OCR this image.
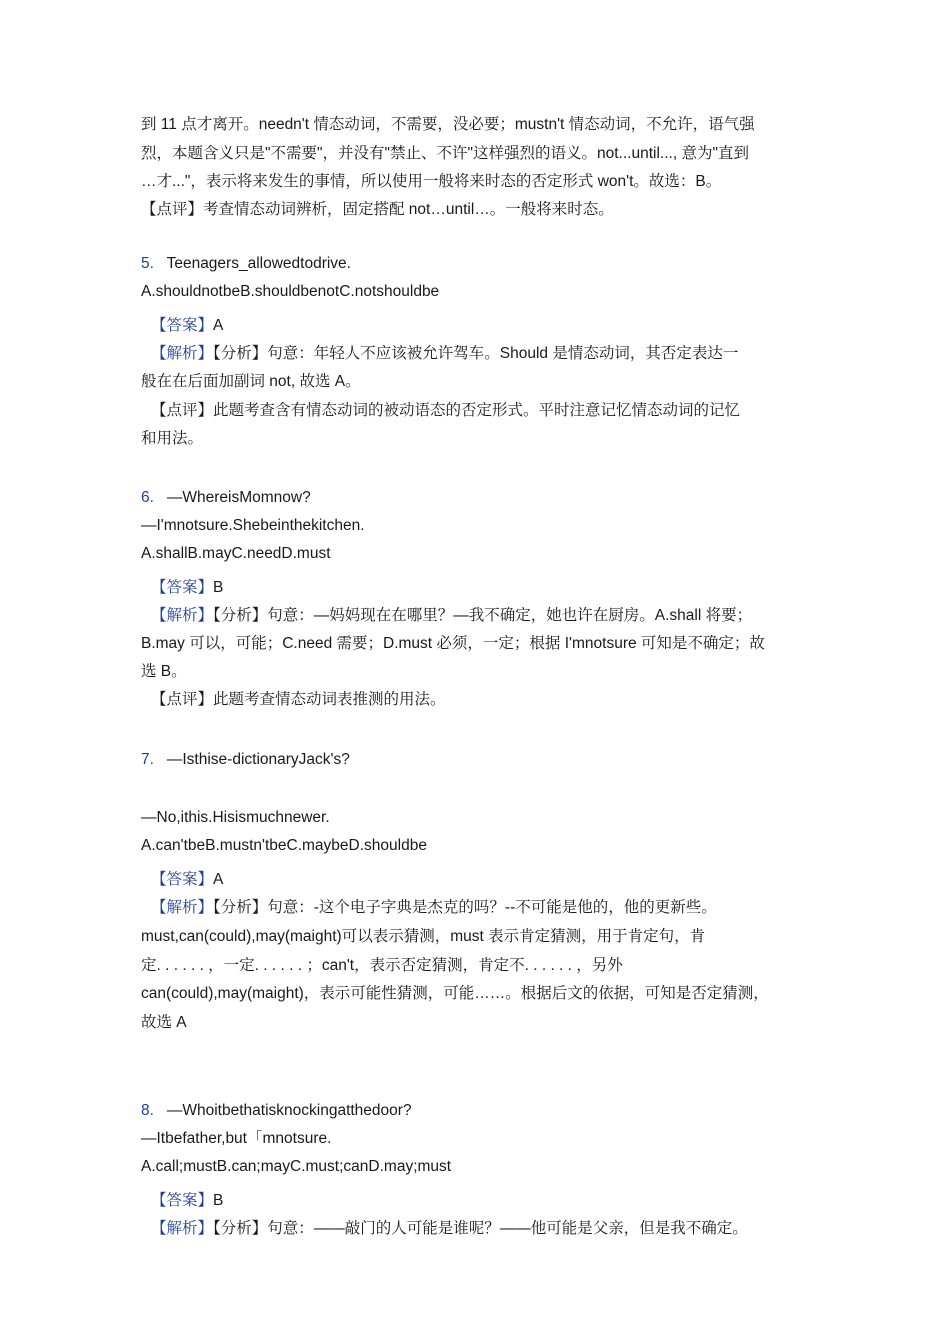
到 11 点才离开。needn't 情态动词，不需要，没必要；mustn't 情态动词，不允许，语气强
烈，本题含义只是"不需要"，并没有"禁止、不许"这样强烈的语义。not...until..., 意为"直到
…才..."，表示将来发生的事情，所以使用一般将来时态的否定形式 won't。故选：B。
【点评】考查情态动词辨析，固定搭配 not…until…。一般将来时态。
5. Teenagers_allowedtodrive.
A.shouldnotbeB.shouldbenotC.notshouldbe
【答案】A
【解析】【分析】句意：年轻人不应该被允许驾车。Should 是情态动词，其否定表达一
般在在后面加副词 not, 故选 A。
【点评】此题考查含有情态动词的被动语态的否定形式。平时注意记忆情态动词的记忆
和用法。
6. —WhereisMomnow?
—I'mnotsure.Shebeinthekitchen.
A.shallB.mayC.needD.must
【答案】B
【解析】【分析】句意：—妈妈现在在哪里？—我不确定，她也许在厨房。A.shall 将要；
B.may 可以，可能；C.need 需要；D.must 必须，一定；根据 I'mnotsure 可知是不确定；故
选 B。
【点评】此题考查情态动词表推测的用法。
7. —Isthise-dictionaryJack's?
—No,ithis.Hisismuchnewer.
A.can'tbeB.mustn'tbeC.maybeD.shouldbe
【答案】A
【解析】【分析】句意：-这个电子字典是杰克的吗？--不可能是他的，他的更新些。
must,can(could),may(maight)可以表示猜测，must 表示肯定猜测，用于肯定句，肯
定. . . . . . ，一定. . . . . . ；can't，表示否定猜测，肯定不. . . . . . ，另外
can(could),may(maight)，表示可能性猜测，可能……。根据后文的依据，可知是否定猜测，
故选 A
8. —Whoitbethatisknockingatthedoor?
—Itbefather,but「mnotsure.
A.call;mustB.can;mayC.must;canD.may;must
【答案】B
【解析】【分析】句意：——敲门的人可能是谁呢？——他可能是父亲，但是我不确定。
